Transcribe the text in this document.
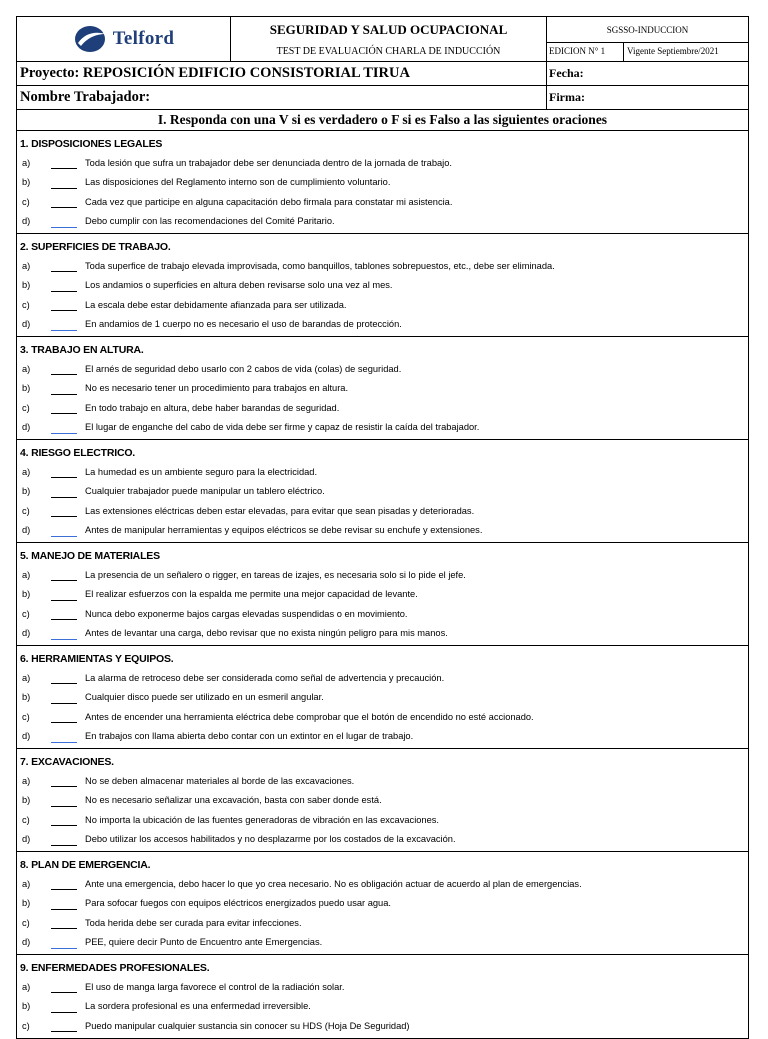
Telford	SEGURIDAD Y SALUD OCUPACIONAL
TEST DE EVALUACIÓN CHARLA DE INDUCCIÓN
SGSSO-INDUCCION
EDICION N° 1	Vigente Septiembre/2021
Proyecto: REPOSICIÓN EDIFICIO CONSISTORIAL TIRUA	Fecha:
Nombre Trabajador:	Firma:
I. Responda con una V si es verdadero o F si es Falso a las siguientes oraciones
1. DISPOSICIONES LEGALES
a)	Toda lesión que sufra un trabajador debe ser denunciada dentro de la jornada de trabajo.
b)	Las disposiciones del Reglamento interno son de cumplimiento voluntario.
c)	Cada vez que participe en alguna capacitación debo firmala para constatar mi asistencia.
d)	Debo cumplir con las recomendaciones del Comité Paritario.
2. SUPERFICIES DE TRABAJO.
a)	Toda superfice de trabajo elevada improvisada, como banquillos, tablones sobrepuestos, etc., debe ser eliminada.
b)	Los andamios o superficies en altura deben revisarse solo una vez al mes.
c)	La escala debe estar debidamente afianzada para ser utilizada.
d)	En andamios de 1 cuerpo no es necesario el uso de barandas de protección.
3. TRABAJO EN ALTURA.
a)	El arnés de seguridad debo usarlo con 2 cabos de vida (colas) de seguridad.
b)	No es necesario tener un procedimiento para trabajos en altura.
c)	En todo trabajo en altura, debe haber barandas de seguridad.
d)	El lugar de enganche del cabo de vida debe ser firme y capaz de resistir la caída del trabajador.
4. RIESGO ELECTRICO.
a)	La humedad es un ambiente seguro para la electricidad.
b)	Cualquier trabajador puede manipular un tablero eléctrico.
c)	Las extensiones eléctricas deben estar elevadas, para evitar que sean pisadas y deterioradas.
d)	Antes de manipular herramientas y equipos eléctricos se debe revisar su enchufe y extensiones.
5. MANEJO DE MATERIALES
a)	La presencia de un señalero o rigger, en tareas de izajes, es necesaria solo si lo pide el jefe.
b)	El realizar esfuerzos con la espalda me permite una mejor capacidad de levante.
c)	Nunca debo exponerme bajos cargas elevadas suspendidas o en movimiento.
d)	Antes de levantar una carga, debo revisar que no exista ningún peligro para mis manos.
6. HERRAMIENTAS Y EQUIPOS.
a)	La alarma de retroceso debe ser considerada como señal de advertencia y precaución.
b)	Cualquier disco puede ser utilizado en un esmeril angular.
c)	Antes de encender una herramienta eléctrica debe comprobar que el botón de encendido no esté accionado.
d)	En trabajos con llama abierta debo contar con un extintor en el lugar de trabajo.
7. EXCAVACIONES.
a)	No se deben almacenar materiales al borde de las excavaciones.
b)	No es necesario señalizar una excavación, basta con saber donde está.
c)	No importa la ubicación de las fuentes generadoras de vibración en las excavaciones.
d)	Debo utilizar los accesos habilitados y no desplazarme por los costados de la excavación.
8. PLAN DE EMERGENCIA.
a)	Ante una emergencia, debo hacer lo que yo crea necesario. No es obligación actuar de acuerdo al plan de emergencias.
b)	Para sofocar fuegos con equipos eléctricos energizados puedo usar agua.
c)	Toda herida debe ser curada para evitar infecciones.
d)	PEE, quiere decir Punto de Encuentro ante Emergencias.
9. ENFERMEDADES PROFESIONALES.
a)	El uso de manga larga favorece el control de la radiación solar.
b)	La sordera profesional es una enfermedad irreversible.
c)	Puedo manipular cualquier sustancia sin conocer su HDS (Hoja De Seguridad)
